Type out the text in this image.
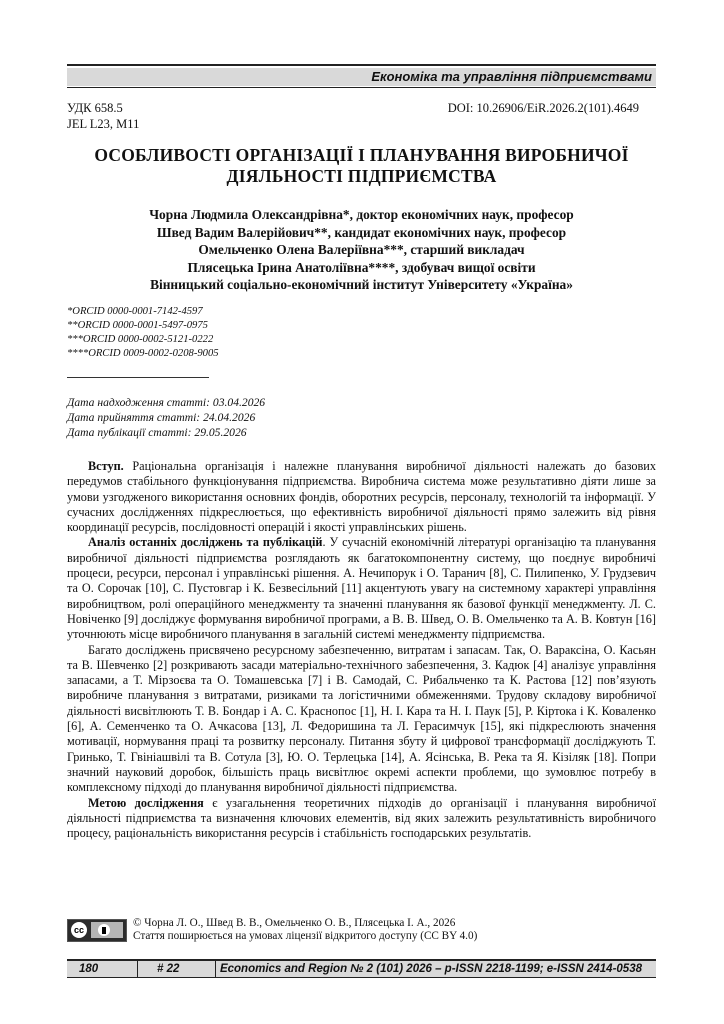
Економіка та управління підприємствами
УДК 658.5
JEL L23, M11
DOI: 10.26906/EiR.2026.2(101).4649
ОСОБЛИВОСТІ ОРГАНІЗАЦІЇ І ПЛАНУВАННЯ ВИРОБНИЧОЇ
ДІЯЛЬНОСТІ ПІДПРИЄМСТВА
Чорна Людмила Олександрівна*, доктор економічних наук, професор
Швед Вадим Валерійович**, кандидат економічних наук, професор
Омельченко Олена Валеріївна***, старший викладач
Плясецька Ірина Анатоліївна****, здобувач вищої освіти
Вінницький соціально-економічний інститут Університету «Україна»
*ORCID 0000-0001-7142-4597
**ORCID 0000-0001-5497-0975
***ORCID 0000-0002-5121-0222
****ORCID 0009-0002-0208-9005
Дата надходження статті: 03.04.2026
Дата прийняття статті: 24.04.2026
Дата публікації статті: 29.05.2026

Вступ. Раціональна організація і належне планування виробничої діяльності належать до базових передумов стабільного функціонування підприємства. Виробнича система може результативно діяти лише за умови узгодженого використання основних фондів, оборотних ресурсів, персоналу, технологій та інформації. У сучасних дослідженнях підкреслюється, що ефективність виробничої діяльності прямо залежить від рівня координації ресурсів, послідовності операцій і якості управлінських рішень.

Аналіз останніх досліджень та публікацій. У сучасній економічній літературі організацію та планування виробничої діяльності підприємства розглядають як багатокомпонентну систему, що поєднує виробничі процеси, ресурси, персонал і управлінські рішення. А. Нечипорук і О. Таранич [8], С. Пилипенко, У. Грудзевич та О. Сорочак [10], С. Пустовгар і К. Безвесільний [11] акцентують увагу на системному характері управління виробництвом, ролі операційного менеджменту та значенні планування як базової функції менеджменту. Л. С. Новіченко [9] досліджує формування виробничої програми, а В. В. Швед, О. В. Омельченко та А. В. Ковтун [16] уточнюють місце виробничого планування в загальній системі менеджменту підприємства.

Багато досліджень присвячено ресурсному забезпеченню, витратам і запасам. Так, О. Вараксіна, О. Касьян та В. Шевченко [2] розкривають засади матеріально-технічного забезпечення, З. Кадюк [4] аналізує управління запасами, а Т. Мірзоєва та О. Томашевська [7] і В. Самодай, С. Рибальченко та К. Растова [12] пов’язують виробниче планування з витратами, ризиками та логістичними обмеженнями. Трудову складову виробничої діяльності висвітлюють Т. В. Бондар і А. С. Краснопос [1], Н. І. Кара та Н. І. Паук [5], Р. Кіртока і К. Коваленко [6], А. Семенченко та О. Ачкасова [13], Л. Федоришина та Л. Герасимчук [15], які підкреслюють значення мотивації, нормування праці та розвитку персоналу. Питання збуту й цифрової трансформації досліджують Т. Гринько, Т. Гвініашвілі та В. Сотула [3], Ю. О. Терлецька [14], А. Ясінська, В. Река та Я. Кізіляк [18]. Попри значний науковий доробок, більшість праць висвітлює окремі аспекти проблеми, що зумовлює потребу в комплексному підході до планування виробничої діяльності підприємства.

Метою дослідження є узагальнення теоретичних підходів до організації і планування виробничої діяльності підприємства та визначення ключових елементів, від яких залежить результативність виробничого процесу, раціональність використання ресурсів і стабільність господарських результатів.

cc
© Чорна Л. О., Швед В. В., Омельченко О. В., Плясецька І. А., 2026
Стаття поширюється на умовах ліцензії відкритого доступу (CC BY 4.0)
180	# 22	Economics and Region № 2 (101) 2026 – p-ISSN 2218-1199; e-ISSN 2414-0538
